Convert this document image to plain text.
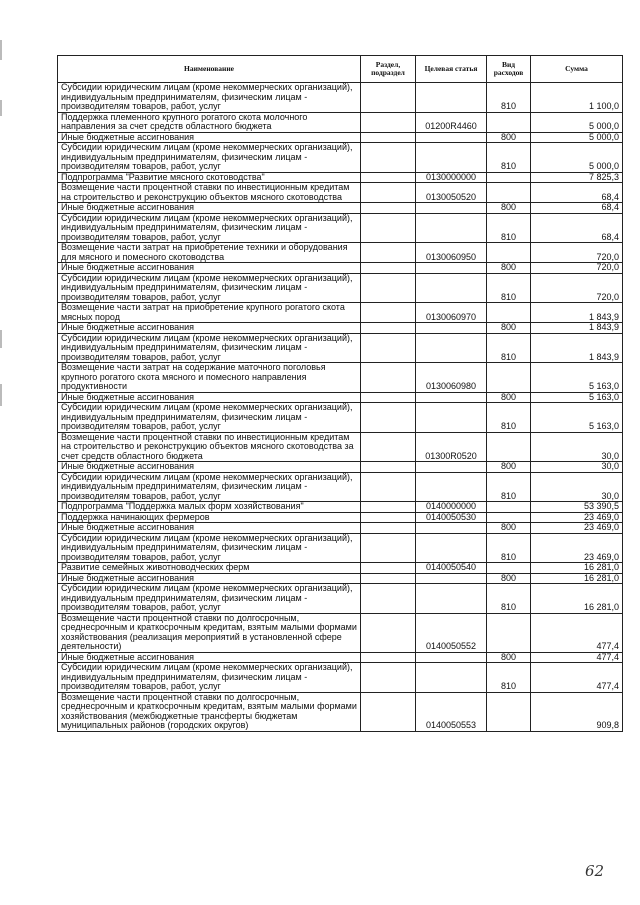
Наименование	Раздел, подраздел	Целевая статья	Вид расходов	Сумма
Субсидии юридическим лицам (кроме некоммерческих организаций), индивидуальным предпринимателям, физическим лицам - производителям товаров, работ, услуг			810	1 100,0
Поддержка племенного крупного рогатого скота молочного направления за счет средств областного бюджета		01200R4460		5 000,0
Иные бюджетные ассигнования			800	5 000,0
Субсидии юридическим лицам (кроме некоммерческих организаций), индивидуальным предпринимателям, физическим лицам - производителям товаров, работ, услуг			810	5 000,0
Подпрограмма "Развитие мясного скотоводства"		0130000000		7 825,3
Возмещение части процентной ставки по инвестиционным кредитам на строительство и реконструкцию объектов мясного скотоводства		0130050520		68,4
Иные бюджетные ассигнования			800	68,4
Субсидии юридическим лицам (кроме некоммерческих организаций), индивидуальным предпринимателям, физическим лицам - производителям товаров, работ, услуг			810	68,4
Возмещение части затрат на приобретение техники и оборудования для мясного и помесного скотоводства		0130060950		720,0
Иные бюджетные ассигнования			800	720,0
Субсидии юридическим лицам (кроме некоммерческих организаций), индивидуальным предпринимателям, физическим лицам - производителям товаров, работ, услуг			810	720,0
Возмещение части затрат на приобретение крупного рогатого скота мясных пород		0130060970		1 843,9
Иные бюджетные ассигнования			800	1 843,9
Субсидии юридическим лицам (кроме некоммерческих организаций), индивидуальным предпринимателям, физическим лицам - производителям товаров, работ, услуг			810	1 843,9
Возмещение части затрат на содержание маточного поголовья крупного рогатого скота мясного и помесного направления продуктивности		0130060980		5 163,0
Иные бюджетные ассигнования			800	5 163,0
Субсидии юридическим лицам (кроме некоммерческих организаций), индивидуальным предпринимателям, физическим лицам - производителям товаров, работ, услуг			810	5 163,0
Возмещение части процентной ставки по инвестиционным кредитам на строительство и реконструкцию объектов мясного скотоводства за счет средств областного бюджета		01300R0520		30,0
Иные бюджетные ассигнования			800	30,0
Субсидии юридическим лицам (кроме некоммерческих организаций), индивидуальным предпринимателям, физическим лицам - производителям товаров, работ, услуг			810	30,0
Подпрограмма "Поддержка малых форм хозяйствования"		0140000000		53 390,5
Поддержка начинающих фермеров		0140050530		23 469,0
Иные бюджетные ассигнования			800	23 469,0
Субсидии юридическим лицам (кроме некоммерческих организаций), индивидуальным предпринимателям, физическим лицам - производителям товаров, работ, услуг			810	23 469,0
Развитие семейных животноводческих ферм		0140050540		16 281,0
Иные бюджетные ассигнования			800	16 281,0
Субсидии юридическим лицам (кроме некоммерческих организаций), индивидуальным предпринимателям, физическим лицам - производителям товаров, работ, услуг			810	16 281,0
Возмещение части процентной ставки по долгосрочным, среднесрочным и краткосрочным кредитам, взятым малыми формами хозяйствования (реализация мероприятий в установленной сфере деятельности)		0140050552		477,4
Иные бюджетные ассигнования			800	477,4
Субсидии юридическим лицам (кроме некоммерческих организаций), индивидуальным предпринимателям, физическим лицам - производителям товаров, работ, услуг			810	477,4
Возмещение части процентной ставки по долгосрочным, среднесрочным и краткосрочным кредитам, взятым малыми формами хозяйствования (межбюджетные трансферты бюджетам муниципальных районов (городских округов)		0140050553		909,8
62
